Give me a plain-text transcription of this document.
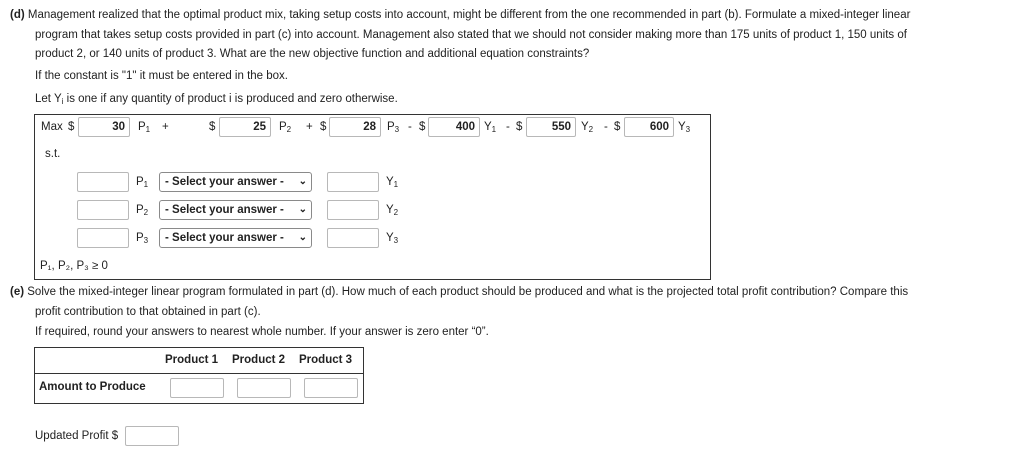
(d) Management realized that the optimal product mix, taking setup costs into account, might be different from the one recommended in part (b). Formulate a mixed-integer linear
program that takes setup costs provided in part (c) into account. Management also stated that we should not consider making more than 175 units of product 1, 150 units of
product 2, or 140 units of product 3. What are the new objective function and additional equation constraints?
If the constant is "1" it must be entered in the box.
Let $Y_i$ is one if any quantity of product i is produced and zero otherwise.
Max $	30	$P_1$ +	$	25	$P_2$ + $	28 $P_3$ - $	400 $Y_1$ - $	550 $Y_2$ - $	600 $Y_3$
s.t.
$P_1$	- Select your answer - ⌄	$Y_1$
$P_2$	- Select your answer - ⌄	$Y_2$
$P_3$	- Select your answer - ⌄	$Y_3$
P₁, P₂, P₃ ≥ 0
(e) Solve the mixed-integer linear program formulated in part (d). How much of each product should be produced and what is the projected total profit contribution? Compare this
profit contribution to that obtained in part (c).
If required, round your answers to nearest whole number. If your answer is zero enter “0”.
Product 1 Product 2 Product 3
Amount to Produce
Updated Profit $
